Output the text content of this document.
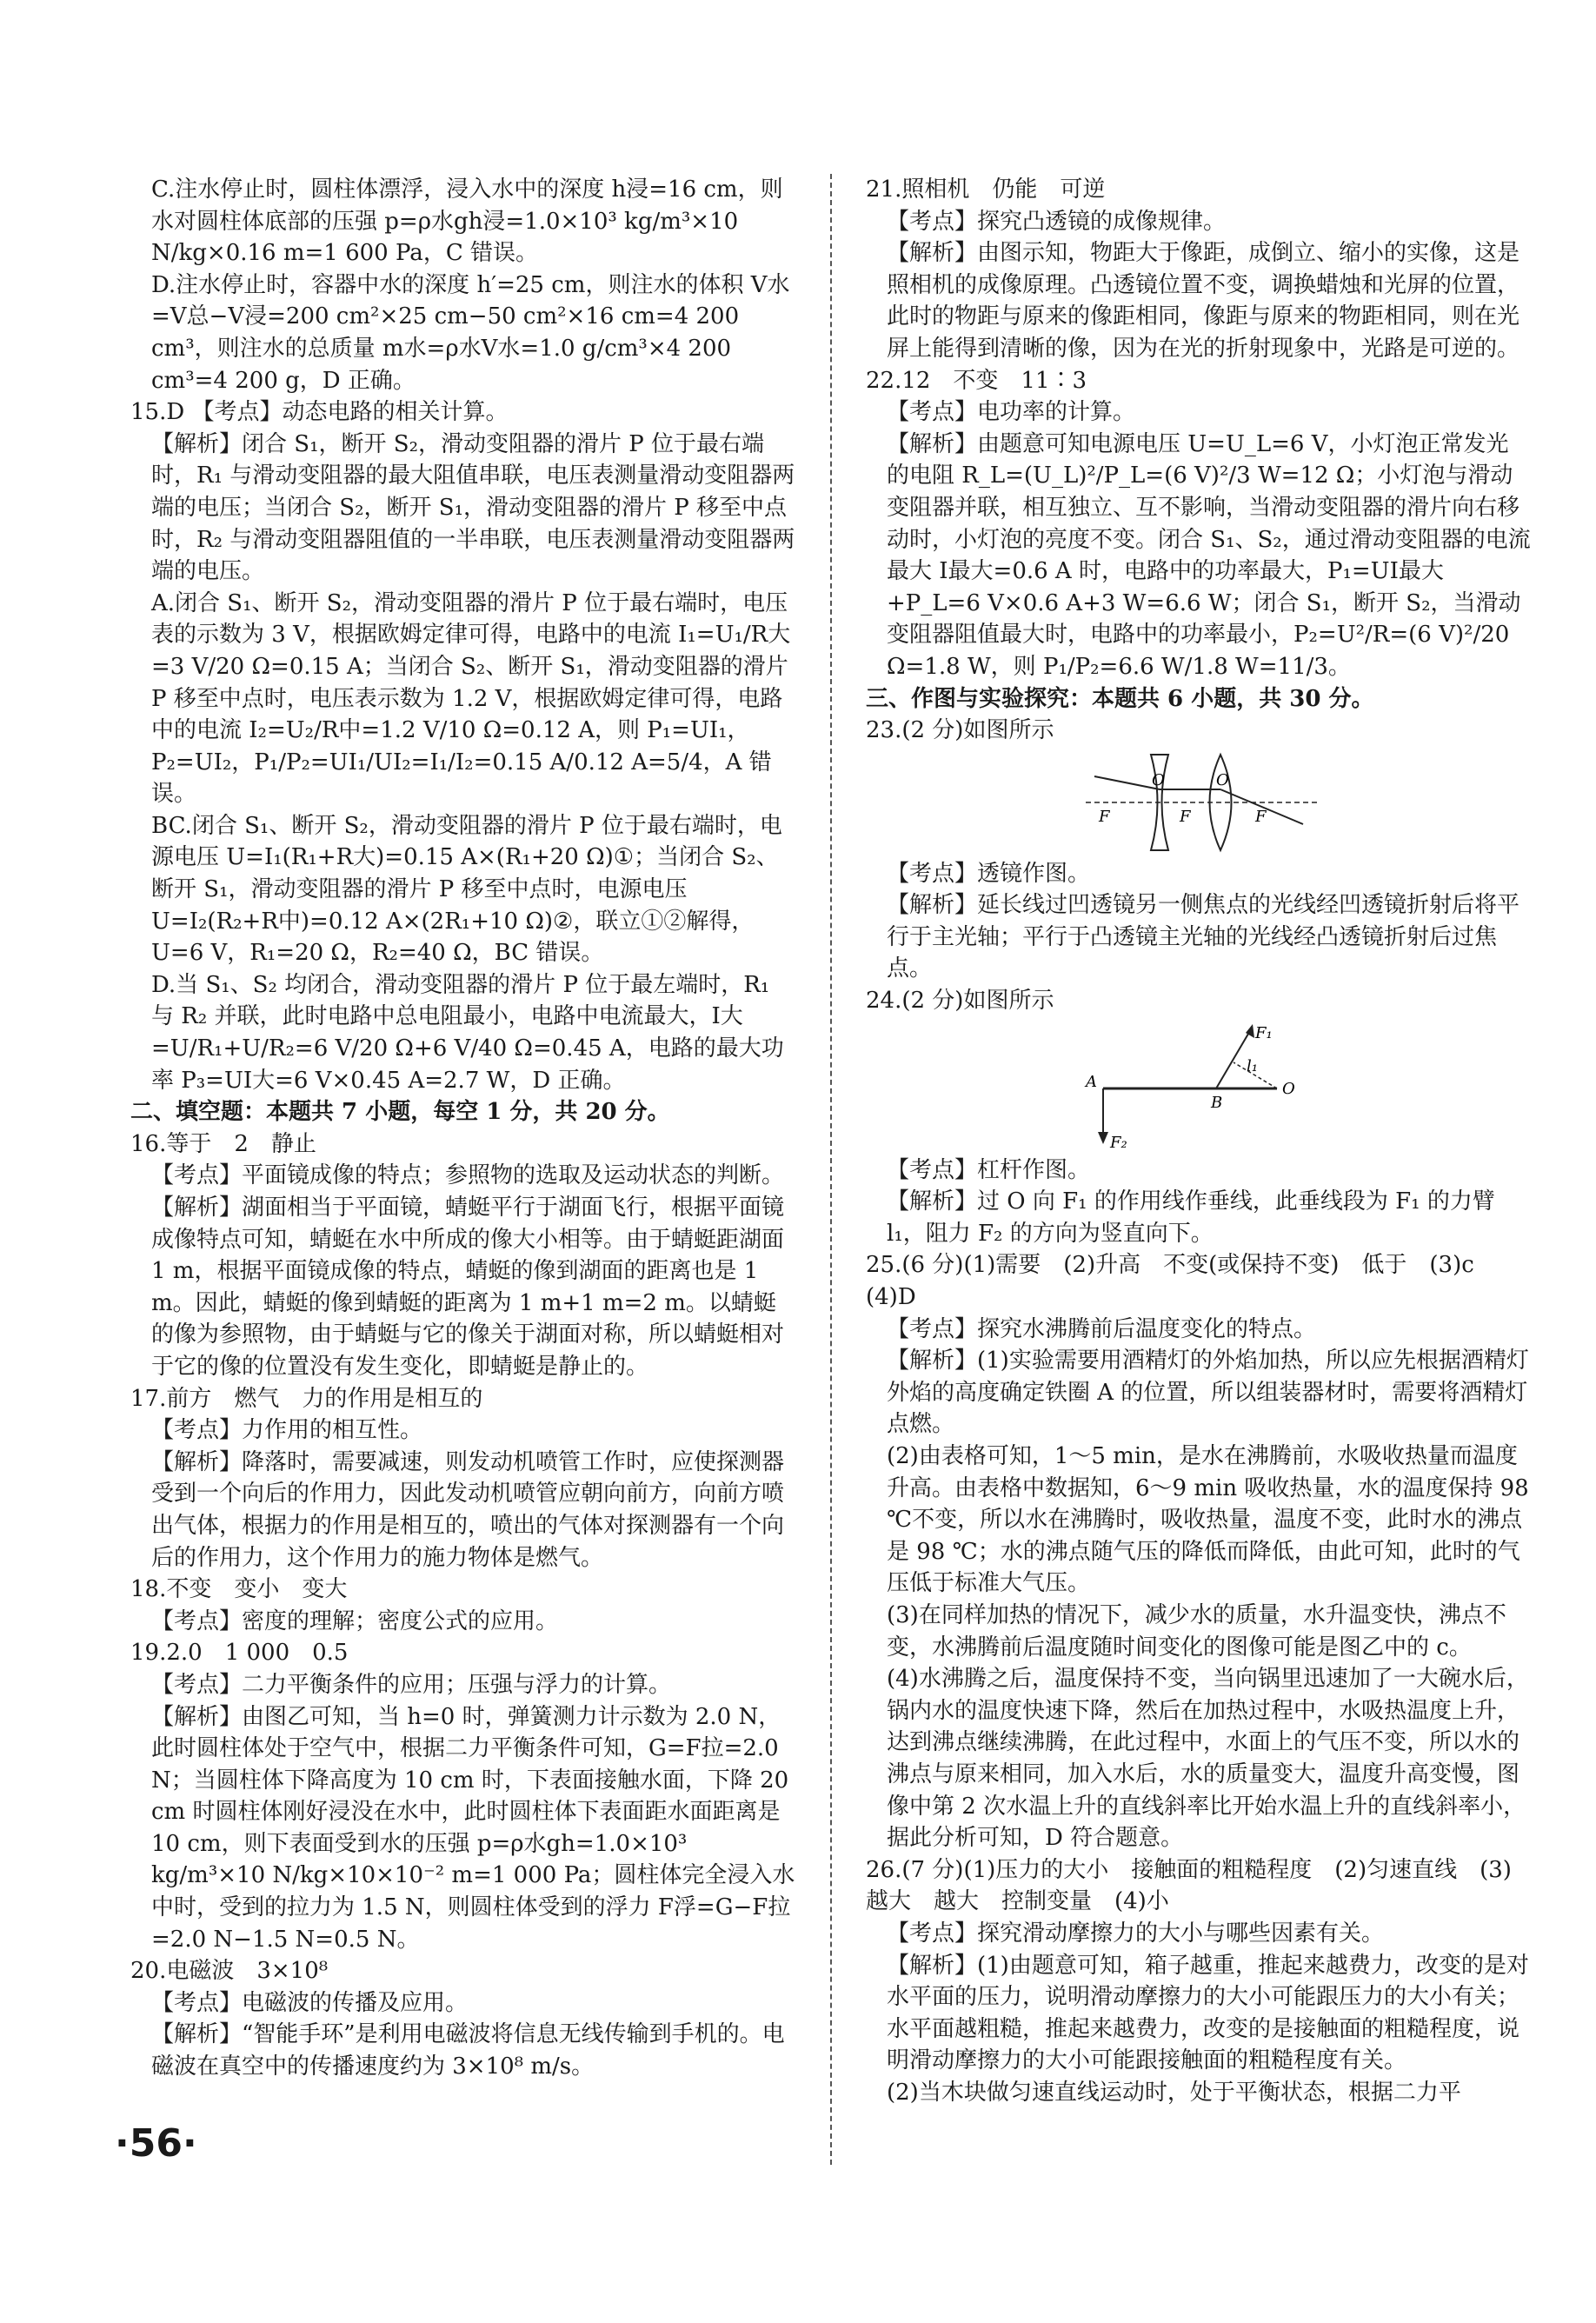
C.注水停止时，圆柱体漂浮，浸入水中的深度 h浸=16 cm，则水对圆柱体底部的压强 p=ρ水gh浸=1.0×10³ kg/m³×10 N/kg×0.16 m=1 600 Pa，C 错误。

D.注水停止时，容器中水的深度 h′=25 cm，则注水的体积 V水=V总−V浸=200 cm²×25 cm−50 cm²×16 cm=4 200 cm³，则注水的总质量 m水=ρ水V水=1.0 g/cm³×4 200 cm³=4 200 g，D 正确。

15.D 【考点】动态电路的相关计算。

【解析】闭合 S₁，断开 S₂，滑动变阻器的滑片 P 位于最右端时，R₁ 与滑动变阻器的最大阻值串联，电压表测量滑动变阻器两端的电压；当闭合 S₂，断开 S₁，滑动变阻器的滑片 P 移至中点时，R₂ 与滑动变阻器阻值的一半串联，电压表测量滑动变阻器两端的电压。

A.闭合 S₁、断开 S₂，滑动变阻器的滑片 P 位于最右端时，电压表的示数为 3 V，根据欧姆定律可得，电路中的电流 I₁=U₁/R大=3 V/20 Ω=0.15 A；当闭合 S₂、断开 S₁，滑动变阻器的滑片 P 移至中点时，电压表示数为 1.2 V，根据欧姆定律可得，电路中的电流 I₂=U₂/R中=1.2 V/10 Ω=0.12 A，则 P₁=UI₁，P₂=UI₂，P₁/P₂=UI₁/UI₂=I₁/I₂=0.15 A/0.12 A=5/4，A 错误。

BC.闭合 S₁、断开 S₂，滑动变阻器的滑片 P 位于最右端时，电源电压 U=I₁(R₁+R大)=0.15 A×(R₁+20 Ω)①；当闭合 S₂、断开 S₁，滑动变阻器的滑片 P 移至中点时，电源电压 U=I₂(R₂+R中)=0.12 A×(2R₁+10 Ω)②，联立①②解得，U=6 V，R₁=20 Ω，R₂=40 Ω，BC 错误。

D.当 S₁、S₂ 均闭合，滑动变阻器的滑片 P 位于最左端时，R₁ 与 R₂ 并联，此时电路中总电阻最小，电路中电流最大，I大=U/R₁+U/R₂=6 V/20 Ω+6 V/40 Ω=0.45 A，电路的最大功率 P₃=UI大=6 V×0.45 A=2.7 W，D 正确。

二、填空题：本题共 7 小题，每空 1 分，共 20 分。

16.等于　2　静止

【考点】平面镜成像的特点；参照物的选取及运动状态的判断。

【解析】湖面相当于平面镜，蜻蜓平行于湖面飞行，根据平面镜成像特点可知，蜻蜓在水中所成的像大小相等。由于蜻蜓距湖面 1 m，根据平面镜成像的特点，蜻蜓的像到湖面的距离也是 1 m。因此，蜻蜓的像到蜻蜓的距离为 1 m+1 m=2 m。以蜻蜓的像为参照物，由于蜻蜓与它的像关于湖面对称，所以蜻蜓相对于它的像的位置没有发生变化，即蜻蜓是静止的。

17.前方　燃气　力的作用是相互的

【考点】力作用的相互性。

【解析】降落时，需要减速，则发动机喷管工作时，应使探测器受到一个向后的作用力，因此发动机喷管应朝向前方，向前方喷出气体，根据力的作用是相互的，喷出的气体对探测器有一个向后的作用力，这个作用力的施力物体是燃气。

18.不变　变小　变大

【考点】密度的理解；密度公式的应用。

19.2.0　1 000　0.5

【考点】二力平衡条件的应用；压强与浮力的计算。

【解析】由图乙可知，当 h=0 时，弹簧测力计示数为 2.0 N，此时圆柱体处于空气中，根据二力平衡条件可知，G=F拉=2.0 N；当圆柱体下降高度为 10 cm 时，下表面接触水面，下降 20 cm 时圆柱体刚好浸没在水中，此时圆柱体下表面距水面距离是 10 cm，则下表面受到水的压强 p=ρ水gh=1.0×10³ kg/m³×10 N/kg×10×10⁻² m=1 000 Pa；圆柱体完全浸入水中时，受到的拉力为 1.5 N，则圆柱体受到的浮力 F浮=G−F拉=2.0 N−1.5 N=0.5 N。

20.电磁波　3×10⁸

【考点】电磁波的传播及应用。

【解析】“智能手环”是利用电磁波将信息无线传输到手机的。电磁波在真空中的传播速度约为 3×10⁸ m/s。

21.照相机　仍能　可逆

【考点】探究凸透镜的成像规律。

【解析】由图示知，物距大于像距，成倒立、缩小的实像，这是照相机的成像原理。凸透镜位置不变，调换蜡烛和光屏的位置，此时的物距与原来的像距相同，像距与原来的物距相同，则在光屏上能得到清晰的像，因为在光的折射现象中，光路是可逆的。

22.12　不变　11∶3

【考点】电功率的计算。

【解析】由题意可知电源电压 U=U_L=6 V，小灯泡正常发光的电阻 R_L=(U_L)²/P_L=(6 V)²/3 W=12 Ω；小灯泡与滑动变阻器并联，相互独立、互不影响，当滑动变阻器的滑片向右移动时，小灯泡的亮度不变。闭合 S₁、S₂，通过滑动变阻器的电流最大 I最大=0.6 A 时，电路中的功率最大，P₁=UI最大+P_L=6 V×0.6 A+3 W=6.6 W；闭合 S₁，断开 S₂，当滑动变阻器阻值最大时，电路中的功率最小，P₂=U²/R=(6 V)²/20 Ω=1.8 W，则 P₁/P₂=6.6 W/1.8 W=11/3。

三、作图与实验探究：本题共 6 小题，共 30 分。

23.(2 分)如图所示

O	O
F	F	F

【考点】透镜作图。

【解析】延长线过凹透镜另一侧焦点的光线经凹透镜折射后将平行于主光轴；平行于凸透镜主光轴的光线经凸透镜折射后过焦点。

24.(2 分)如图所示

F₁
l₁
A
B
O
F₂

【考点】杠杆作图。

【解析】过 O 向 F₁ 的作用线作垂线，此垂线段为 F₁ 的力臂 l₁，阻力 F₂ 的方向为竖直向下。

25.(6 分)(1)需要　(2)升高　不变(或保持不变)　低于　(3)c　(4)D

【考点】探究水沸腾前后温度变化的特点。

【解析】(1)实验需要用酒精灯的外焰加热，所以应先根据酒精灯外焰的高度确定铁圈 A 的位置，所以组装器材时，需要将酒精灯点燃。

(2)由表格可知，1～5 min，是水在沸腾前，水吸收热量而温度升高。由表格中数据知，6～9 min 吸收热量，水的温度保持 98 ℃不变，所以水在沸腾时，吸收热量，温度不变，此时水的沸点是 98 ℃；水的沸点随气压的降低而降低，由此可知，此时的气压低于标准大气压。

(3)在同样加热的情况下，减少水的质量，水升温变快，沸点不变，水沸腾前后温度随时间变化的图像可能是图乙中的 c。

(4)水沸腾之后，温度保持不变，当向锅里迅速加了一大碗水后，锅内水的温度快速下降，然后在加热过程中，水吸热温度上升，达到沸点继续沸腾，在此过程中，水面上的气压不变，所以水的沸点与原来相同，加入水后，水的质量变大，温度升高变慢，图像中第 2 次水温上升的直线斜率比开始水温上升的直线斜率小，据此分析可知，D 符合题意。

26.(7 分)(1)压力的大小　接触面的粗糙程度　(2)匀速直线　(3)越大　越大　控制变量　(4)小

【考点】探究滑动摩擦力的大小与哪些因素有关。

【解析】(1)由题意可知，箱子越重，推起来越费力，改变的是对水平面的压力，说明滑动摩擦力的大小可能跟压力的大小有关；水平面越粗糙，推起来越费力，改变的是接触面的粗糙程度，说明滑动摩擦力的大小可能跟接触面的粗糙程度有关。

(2)当木块做匀速直线运动时，处于平衡状态，根据二力平

·56·
